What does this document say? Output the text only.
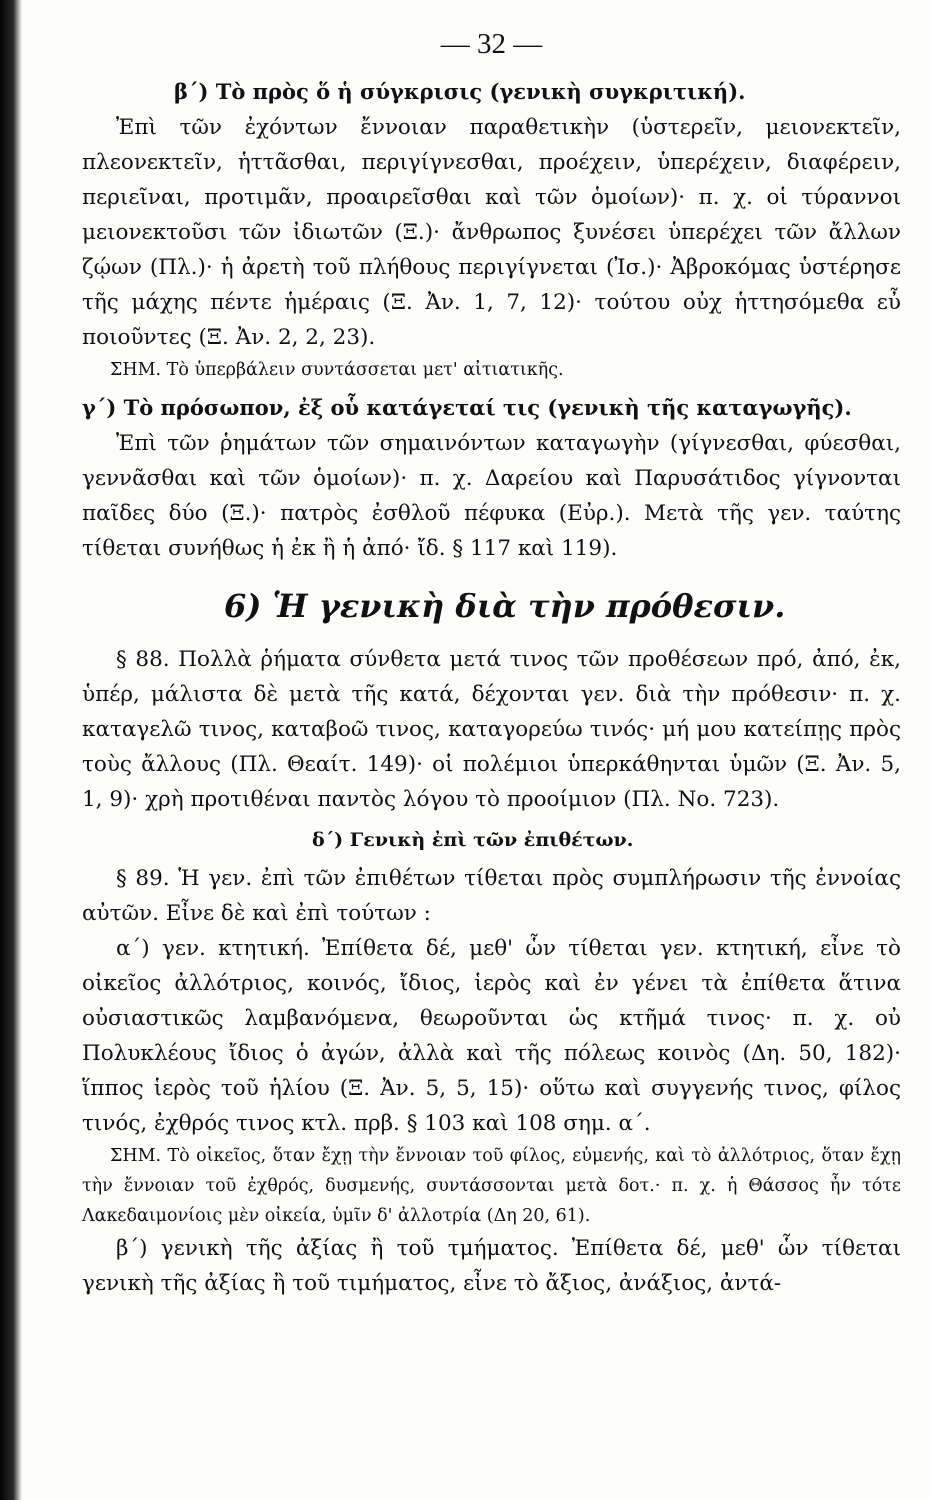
— 32 —
β΄) Τὸ πρὸς ὅ ἡ σύγκρισις (γενικὴ συγκριτική).

Ἐπὶ τῶν ἐχόντων ἔννοιαν παραθετικὴν (ὑστερεῖν, μειονεκτεῖν, πλεονεκτεῖν, ἡττᾶσθαι, περιγίγνεσθαι, προέχειν, ὑπερέχειν, διαφέρειν, περιεῖναι, προτιμᾶν, προαιρεῖσθαι καὶ τῶν ὁμοίων)· π. χ. οἱ τύραννοι μειονεκτοῦσι τῶν ἰδιωτῶν (Ξ.)· ἄνθρωπος ξυνέσει ὑπερέχει τῶν ἄλλων ζῴων (Πλ.)· ἡ ἀρετὴ τοῦ πλήθους περιγίγνεται (Ἰσ.)· Ἀβροκόμας ὑστέρησε τῆς μάχης πέντε ἡμέραις (Ξ. Ἀν. 1, 7, 12)· τούτου οὐχ ἡττησόμεθα εὖ ποιοῦντες (Ξ. Ἀν. 2, 2, 23).

ΣΗΜ. Τὸ ὑπερβάλειν συντάσσεται μετ' αἰτιατικῆς.

γ΄) Τὸ πρόσωπον, ἐξ οὗ κατάγεταί τις (γενικὴ τῆς καταγωγῆς).

Ἐπὶ τῶν ῥημάτων τῶν σημαινόντων καταγωγὴν (γίγνεσθαι, φύεσθαι, γεννᾶσθαι καὶ τῶν ὁμοίων)· π. χ. Δαρείου καὶ Παρυσάτιδος γίγνονται παῖδες δύο (Ξ.)· πατρὸς ἐσθλοῦ πέφυκα (Εὐρ.). Μετὰ τῆς γεν. ταύτης τίθεται συνήθως ἡ ἐκ ἢ ἡ ἀπό· ἴδ. § 117 καὶ 119).

6) Ἡ γενικὴ διὰ τὴν πρόθεσιν.

§ 88. Πολλὰ ῥήματα σύνθετα μετά τινος τῶν προθέσεων πρό, ἀπό, ἐκ, ὑπέρ, μάλιστα δὲ μετὰ τῆς κατά, δέχονται γεν. διὰ τὴν πρόθεσιν· π. χ. καταγελῶ τινος, καταβοῶ τινος, καταγορεύω τινός· μή μου κατείπῃς πρὸς τοὺς ἄλλους (Πλ. Θεαίτ. 149)· οἱ πολέμιοι ὑπερκάθηνται ὑμῶν (Ξ. Ἀν. 5, 1, 9)· χρὴ προτιθέναι παντὸς λόγου τὸ προοίμιον (Πλ. Νο. 723).

δ΄) Γενικὴ ἐπὶ τῶν ἐπιθέτων.

§ 89. Ἡ γεν. ἐπὶ τῶν ἐπιθέτων τίθεται πρὸς συμπλήρωσιν τῆς ἐννοίας αὐτῶν. Εἶνε δὲ καὶ ἐπὶ τούτων :

α΄) γεν. κτητική. Ἐπίθετα δέ, μεθ' ὧν τίθεται γεν. κτητική, εἶνε τὸ οἰκεῖος ἀλλότριος, κοινός, ἴδιος, ἱερὸς καὶ ἐν γένει τὰ ἐπίθετα ἅτινα οὐσιαστικῶς λαμβανόμενα, θεωροῦνται ὡς κτῆμά τινος· π. χ. οὐ Πολυκλέους ἴδιος ὁ ἀγών, ἀλλὰ καὶ τῆς πόλεως κοινὸς (Δη. 50, 182)· ἵππος ἱερὸς τοῦ ἡλίου (Ξ. Ἀν. 5, 5, 15)· οὕτω καὶ συγγενής τινος, φίλος τινός, ἐχθρός τινος κτλ. πρβ. § 103 καὶ 108 σημ. α΄.

ΣΗΜ. Τὸ οἰκεῖος, ὅταν ἔχῃ τὴν ἔννοιαν τοῦ φίλος, εὐμενής, καὶ τὸ ἀλλότριος, ὅταν ἔχῃ τὴν ἔννοιαν τοῦ ἐχθρός, δυσμενής, συντάσσονται μετὰ δοτ.· π. χ. ἡ Θάσσος ἦν τότε Λακεδαιμονίοις μὲν οἰκεία, ὑμῖν δ' ἀλλοτρία (Δη 20, 61).

β΄) γενικὴ τῆς ἀξίας ἢ τοῦ τμήματος. Ἐπίθετα δέ, μεθ' ὧν τίθεται γενικὴ τῆς ἀξίας ἢ τοῦ τιμήματος, εἶνε τὸ ἄξιος, ἀνάξιος, ἀντά-
